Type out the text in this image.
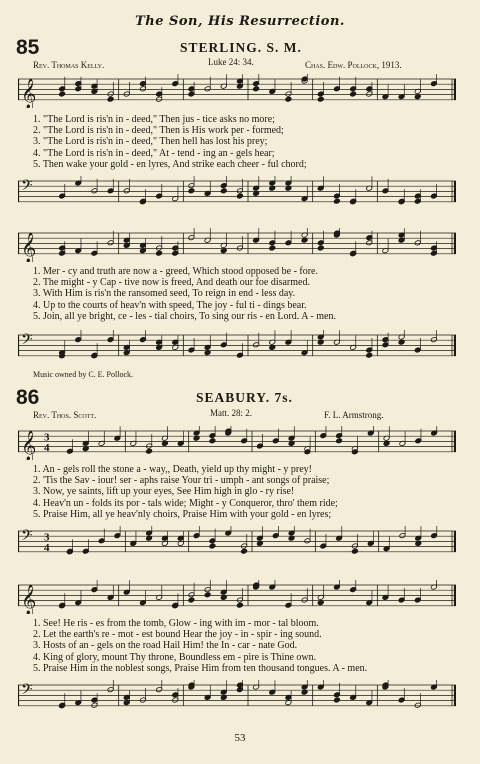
The Son, His Resurrection.
85	STERLING. S. M.
Rev. Thomas Kelly.	Luke 24: 34.	Chas. Edw. Pollock, 1913.
𝄞
1. "The Lord is ris'n in - deed," Then jus - tice asks no more;
2. "The Lord is ris'n in - deed," Then is His work per - formed;
3. "The Lord is ris'n in - deed," Then hell has lost his prey;
4. "The Lord is ris'n in - deed," At - tend - ing an - gels hear;
5. Then wake your gold - en lyres, And strike each cheer - ful chord;
𝄢
𝄞
1. Mer - cy and truth are now a - greed, Which stood opposed be - fore.
2. The might - y Cap - tive now is freed, And death our foe disarmed.
3. With Him is ris'n the ransomed seed, To reign in end - less day.
4. Up to the courts of heav'n with speed, The joy - ful ti - dings bear.
5. Join, all ye bright, ce - les - tial choirs, To sing our ris - en Lord. A - men.
𝄢
Music owned by C. E. Pollock.
86	SEABURY. 7s.
Rev. Thos. Scott.	Matt. 28: 2.	F. L. Armstrong.
𝄞 3
4
1. An - gels roll the stone a - way,, Death, yield up thy might - y prey!
2. 'Tis the Sav - iour! ser - aphs raise Your tri - umph - ant songs of praise;
3. Now, ye saints, lift up your eyes, See Him high in glo - ry rise!
4. Heav'n un - folds its por - tals wide; Might - y Conqueror, thro' them ride;
5. Praise Him, all ye heav'nly choirs, Praise Him with your gold - en lyres;
𝄢 3
4
𝄞
1. See! He ris - es from the tomb, Glow - ing with im - mor - tal bloom.
2. Let the earth's re - mot - est bound Hear the joy - in - spir - ing sound.
3. Hosts of an - gels on the road Hail Him! the In - car - nate God.
4. King of glory, mount Thy throne, Boundless em - pire is Thine own.
5. Praise Him in the noblest songs, Praise Him from ten thousand tongues. A - men.
𝄢
53
